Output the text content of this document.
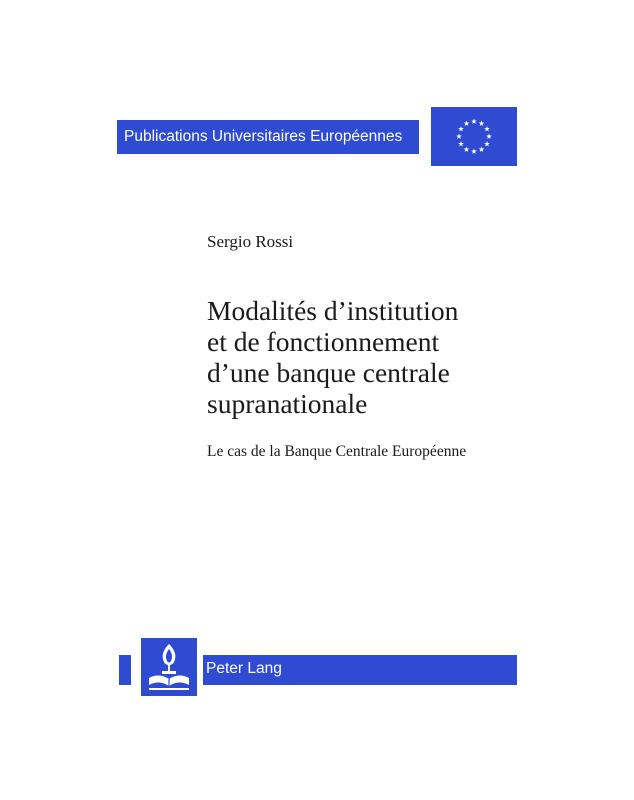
Publications Universitaires Européennes
Sergio Rossi
Modalités d’institution
et de fonctionnement
d’une banque centrale
supranationale
Le cas de la Banque Centrale Européenne
Peter Lang
